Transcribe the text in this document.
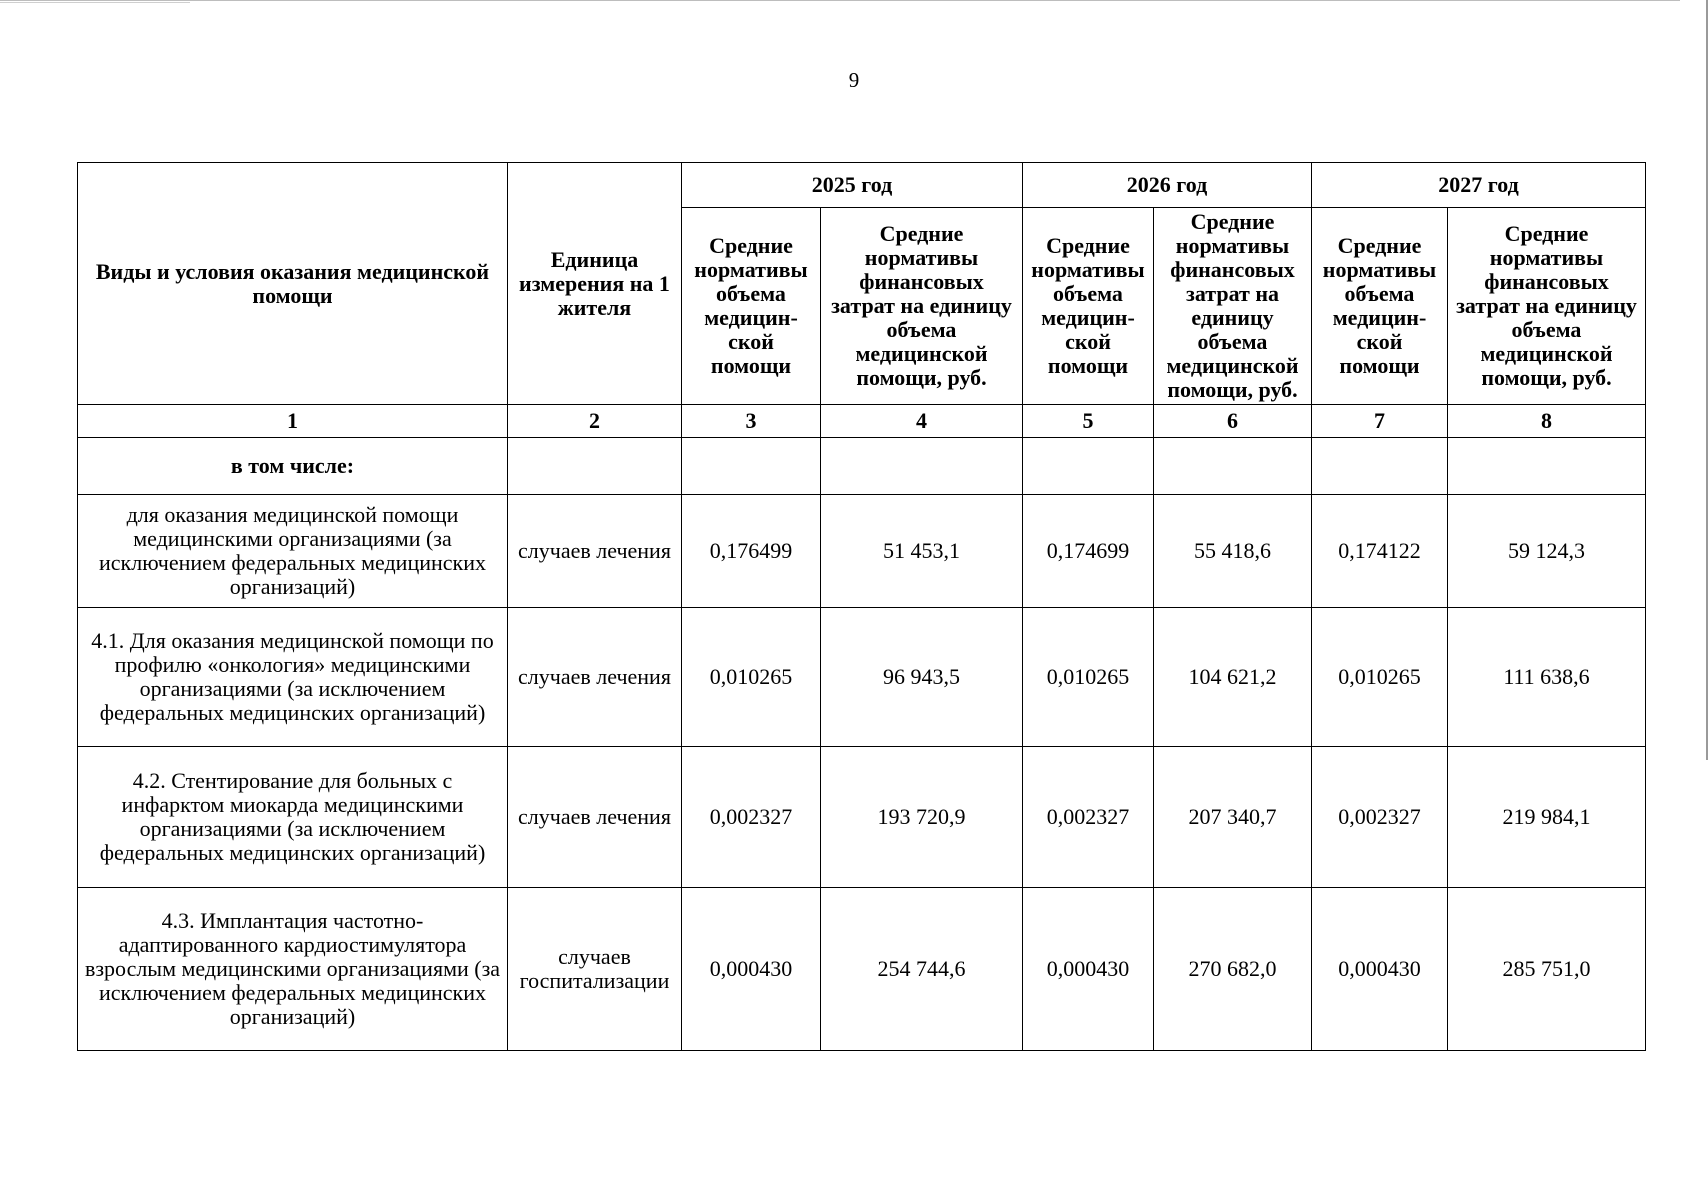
9
Виды и условия оказания медицинской помощи	Единица измерения на 1 жителя	2025 год		2026 год		2027 год	
		Средние нормативы объема медицин-ской помощи	Средние нормативы финансовых затрат на единицу объема медицинской помощи, руб.	Средние нормативы объема медицин-ской помощи	Средние нормативы финансовых затрат на единицу объема медицинской помощи, руб.	Средние нормативы объема медицин-ской помощи	Средние нормативы финансовых затрат на единицу объема медицинской помощи, руб.
1	2	3	4	5	6	7	8
в том числе:							
для оказания медицинской помощи медицинскими организациями (за исключением федеральных медицинских организаций)	случаев лечения	0,176499	51 453,1	0,174699	55 418,6	0,174122	59 124,3
4.1. Для оказания медицинской помощи по профилю «онкология» медицинскими организациями (за исключением федеральных медицинских организаций)	случаев лечения	0,010265	96 943,5	0,010265	104 621,2	0,010265	111 638,6
4.2. Стентирование для больных с инфарктом миокарда медицинскими организациями (за исключением федеральных медицинских организаций)	случаев лечения	0,002327	193 720,9	0,002327	207 340,7	0,002327	219 984,1
4.3. Имплантация частотно-адаптированного кардиостимулятора взрослым медицинскими организациями (за исключением федеральных медицинских организаций)	случаев госпитализации	0,000430	254 744,6	0,000430	270 682,0	0,000430	285 751,0
